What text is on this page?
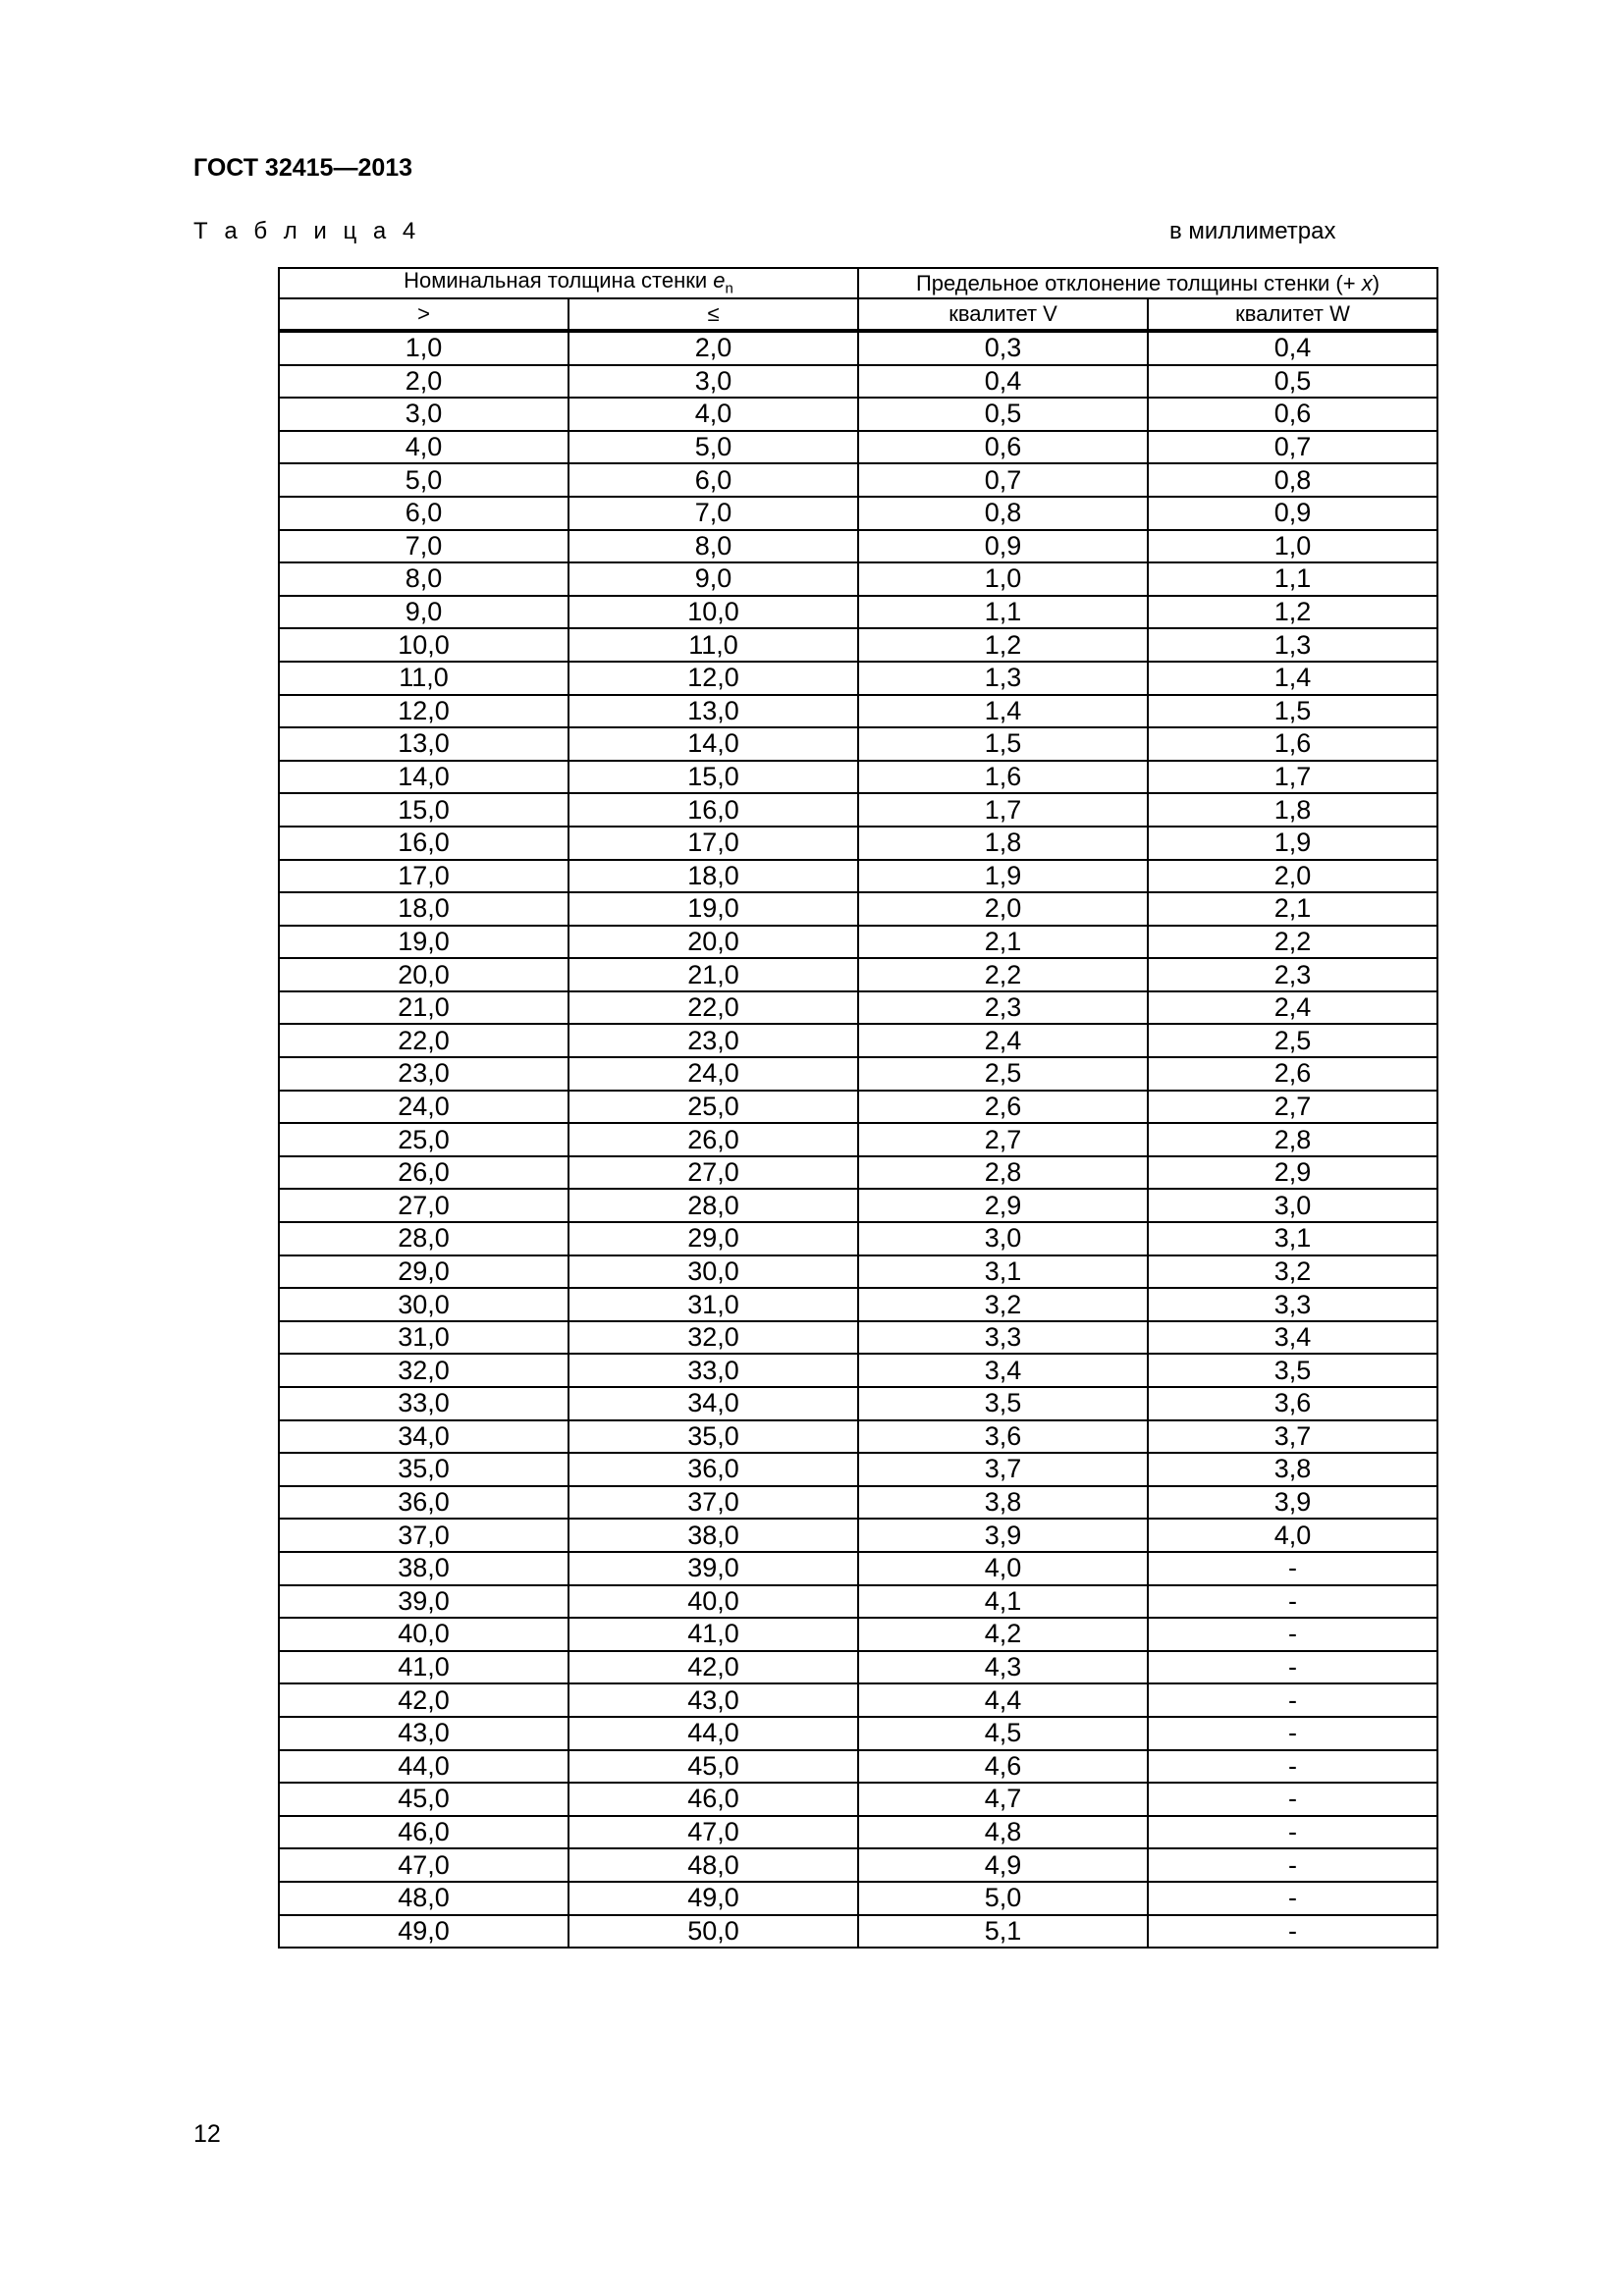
ГОСТ 32415—2013
Т а б л и ц а 4	в миллиметрах
Номинальная толщина стенки $e_n$		Предельное отклонение толщины стенки (+ x)	
>	≤	квалитет V	квалитет W
1,0	2,0	0,3	0,4
2,0	3,0	0,4	0,5
3,0	4,0	0,5	0,6
4,0	5,0	0,6	0,7
5,0	6,0	0,7	0,8
6,0	7,0	0,8	0,9
7,0	8,0	0,9	1,0
8,0	9,0	1,0	1,1
9,0	10,0	1,1	1,2
10,0	11,0	1,2	1,3
11,0	12,0	1,3	1,4
12,0	13,0	1,4	1,5
13,0	14,0	1,5	1,6
14,0	15,0	1,6	1,7
15,0	16,0	1,7	1,8
16,0	17,0	1,8	1,9
17,0	18,0	1,9	2,0
18,0	19,0	2,0	2,1
19,0	20,0	2,1	2,2
20,0	21,0	2,2	2,3
21,0	22,0	2,3	2,4
22,0	23,0	2,4	2,5
23,0	24,0	2,5	2,6
24,0	25,0	2,6	2,7
25,0	26,0	2,7	2,8
26,0	27,0	2,8	2,9
27,0	28,0	2,9	3,0
28,0	29,0	3,0	3,1
29,0	30,0	3,1	3,2
30,0	31,0	3,2	3,3
31,0	32,0	3,3	3,4
32,0	33,0	3,4	3,5
33,0	34,0	3,5	3,6
34,0	35,0	3,6	3,7
35,0	36,0	3,7	3,8
36,0	37,0	3,8	3,9
37,0	38,0	3,9	4,0
38,0	39,0	4,0	-
39,0	40,0	4,1	-
40,0	41,0	4,2	-
41,0	42,0	4,3	-
42,0	43,0	4,4	-
43,0	44,0	4,5	-
44,0	45,0	4,6	-
45,0	46,0	4,7	-
46,0	47,0	4,8	-
47,0	48,0	4,9	-
48,0	49,0	5,0	-
49,0	50,0	5,1	-
12
